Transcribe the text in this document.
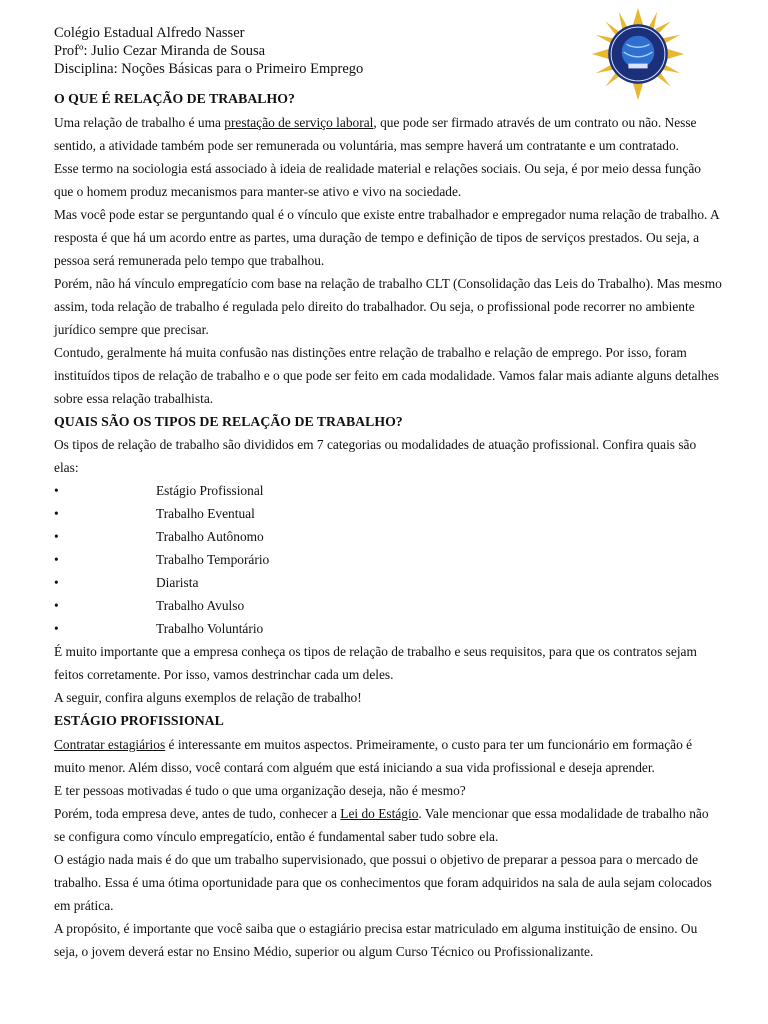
Colégio Estadual Alfredo Nasser
Profº: Julio Cezar Miranda de Sousa
Disciplina: Noções Básicas para o Primeiro Emprego
O QUE É RELAÇÃO DE TRABALHO?

Uma relação de trabalho é uma prestação de serviço laboral, que pode ser firmado através de um contrato ou não. Nesse sentido, a atividade também pode ser remunerada ou voluntária, mas sempre haverá um contratante e um contratado.

Esse termo na sociologia está associado à ideia de realidade material e relações sociais. Ou seja, é por meio dessa função que o homem produz mecanismos para manter-se ativo e vivo na sociedade.

Mas você pode estar se perguntando qual é o vínculo que existe entre trabalhador e empregador numa relação de trabalho. A resposta é que há um acordo entre as partes, uma duração de tempo e definição de tipos de serviços prestados. Ou seja, a pessoa será remunerada pelo tempo que trabalhou.

Porém, não há vínculo empregatício com base na relação de trabalho CLT (Consolidação das Leis do Trabalho). Mas mesmo assim, toda relação de trabalho é regulada pelo direito do trabalhador. Ou seja, o profissional pode recorrer no ambiente jurídico sempre que precisar.

Contudo, geralmente há muita confusão nas distinções entre relação de trabalho e relação de emprego. Por isso, foram instituídos tipos de relação de trabalho e o que pode ser feito em cada modalidade. Vamos falar mais adiante alguns detalhes sobre essa relação trabalhista.

QUAIS SÃO OS TIPOS DE RELAÇÃO DE TRABALHO?

Os tipos de relação de trabalho são divididos em 7 categorias ou modalidades de atuação profissional. Confira quais são elas:

•	Estágio Profissional
•	Trabalho Eventual
•	Trabalho Autônomo
•	Trabalho Temporário
•	Diarista
•	Trabalho Avulso
•	Trabalho Voluntário

É muito importante que a empresa conheça os tipos de relação de trabalho e seus requisitos, para que os contratos sejam feitos corretamente. Por isso, vamos destrinchar cada um deles.

A seguir, confira alguns exemplos de relação de trabalho!

ESTÁGIO PROFISSIONAL

Contratar estagiários é interessante em muitos aspectos. Primeiramente, o custo para ter um funcionário em formação é muito menor. Além disso, você contará com alguém que está iniciando a sua vida profissional e deseja aprender.

E ter pessoas motivadas é tudo o que uma organização deseja, não é mesmo?

Porém, toda empresa deve, antes de tudo, conhecer a Lei do Estágio. Vale mencionar que essa modalidade de trabalho não se configura como vínculo empregatício, então é fundamental saber tudo sobre ela.

O estágio nada mais é do que um trabalho supervisionado, que possui o objetivo de preparar a pessoa para o mercado de trabalho. Essa é uma ótima oportunidade para que os conhecimentos que foram adquiridos na sala de aula sejam colocados em prática.

A propósito, é importante que você saiba que o estagiário precisa estar matriculado em alguma instituição de ensino. Ou seja, o jovem deverá estar no Ensino Médio, superior ou algum Curso Técnico ou Profissionalizante.
